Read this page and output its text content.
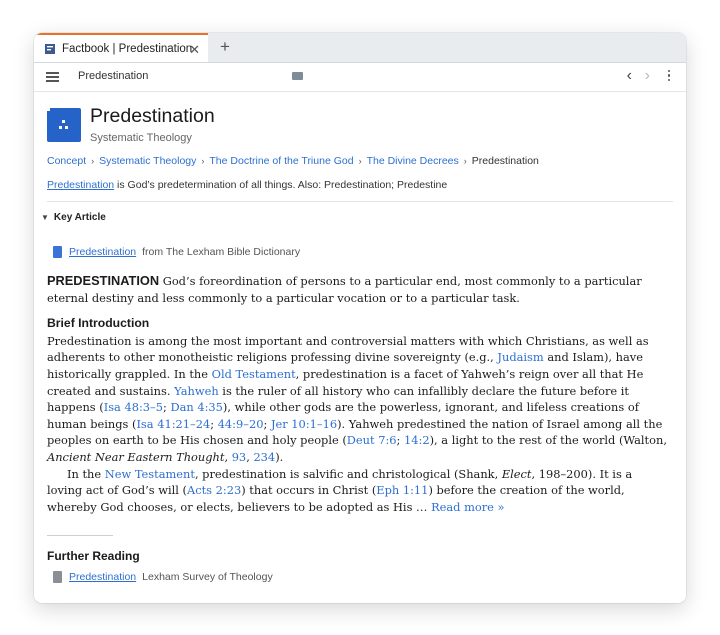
Factbook | Predestination
✕ +
Predestination	‹ ›
Predestination
Systematic Theology
Concept › Systematic Theology › The Doctrine of the Triune God › The Divine Decrees › Predestination
Predestination is God’s predetermination of all things. Also: Predestination; Predestine
▼ Key Article
Predestination from The Lexham Bible Dictionary

PREDESTINATION God’s foreordination of persons to a particular end, most commonly to a particular eternal destiny and less commonly to a particular vocation or to a particular task.

Brief Introduction

Predestination is among the most important and controversial matters with which Christians, as well as adherents to other monotheistic religions professing divine sovereignty (e.g., Judaism and Islam), have historically grappled. In the Old Testament, predestination is a facet of Yahweh’s reign over all that He created and sustains. Yahweh is the ruler of all history who can infallibly declare the future before it happens (Isa 48:3–5; Dan 4:35), while other gods are the powerless, ignorant, and lifeless creations of human beings (Isa 41:21–24; 44:9–20; Jer 10:1–16). Yahweh predestined the nation of Israel among all the peoples on earth to be His chosen and holy people (Deut 7:6; 14:2), a light to the rest of the world (Walton, Ancient Near Eastern Thought, 93, 234).

In the New Testament, predestination is salvific and christological (Shank, Elect, 198–200). It is a loving act of God’s will (Acts 2:23) that occurs in Christ (Eph 1:11) before the creation of the world, whereby God chooses, or elects, believers to be adopted as His … Read more »

Further Reading
Predestination Lexham Survey of Theology
